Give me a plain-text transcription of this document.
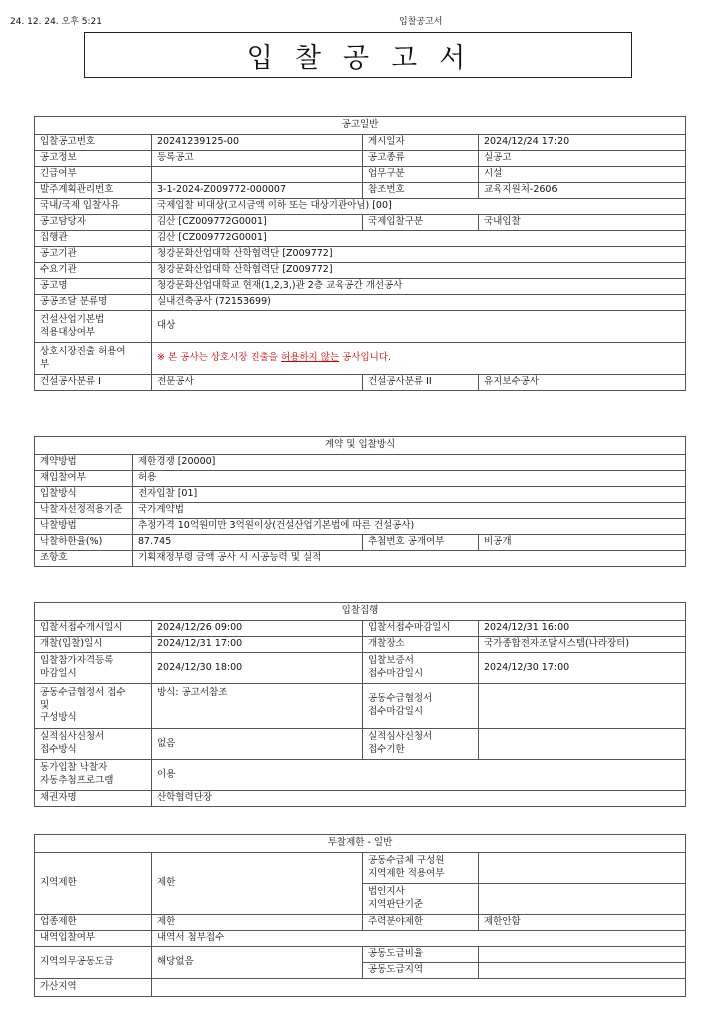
24. 12. 24. 오후 5:21	입찰공고서
입찰공고서
공고일반			
입찰공고번호	20241239125-00	게시일자	2024/12/24 17:20
공고정보	등록공고	공고종류	실공고
긴급여부		업무구분	시설
발주계획관리번호	3-1-2024-Z009772-000007	참조번호	교육지원처-2606
국내/국제 입찰사유	국제입찰 비대상(고시금액 이하 또는 대상기관아님) [00]		
공고담당자	김산 [CZ009772G0001]	국제입찰구분	국내입찰
집행관	김산 [CZ009772G0001]		
공고기관	청강문화산업대학 산학협력단 [Z009772]		
수요기관	청강문화산업대학 산학협력단 [Z009772]		
공고명	청강문화산업대학교 현재(1,2,3,)관 2층 교육공간 개선공사		
공공조달 분류명	실내건축공사 (72153699)		
건설산업기본법
적용대상여부	대상		
상호시장진출 허용여
부	※ 본 공사는 상호시장 진출을 허용하지 않는 공사입니다.		
건설공사분류 I	전문공사	건설공사분류 II	유지보수공사
계약 및 입찰방식			
계약방법	제한경쟁 [20000]		
재입찰여부	허용		
입찰방식	전자입찰 [01]		
낙찰자선정적용기준	국가계약법		
낙찰방법	추정가격 10억원미만 3억원이상(건설산업기본법에 따른 건설공사)		
낙찰하한율(%)	87.745	추첨번호 공개여부	비공개
조항호	기획재정부령 금액 공사 시 시공능력 및 실적		
입찰집행			
입찰서접수개시일시	2024/12/26 09:00	입찰서접수마감일시	2024/12/31 16:00
개찰(입찰)일시	2024/12/31 17:00	개찰장소	국가종합전자조달시스템(나라장터)
입찰참가자격등록
마감일시	2024/12/30 18:00	입찰보증서
접수마감일시	2024/12/30 17:00
공동수급협정서 접수
및
구성방식	방식: 공고서참조	공동수급협정서
접수마감일시	
실적심사신청서
접수방식	없음	실적심사신청서
접수기한	
동가입찰 낙찰자
자동추첨프로그램	이용		
채권자명	산학협력단장		
투찰제한 - 일반			
지역제한	제한	공동수급체 구성원
지역제한 적용여부	
		법인지사
지역판단기준	
업종제한	제한	주력분야제한	제한안함
내역입찰여부	내역서 첨부접수		
지역의무공동도급	해당없음	공동도급비율	
		공동도급지역	
가산지역			
